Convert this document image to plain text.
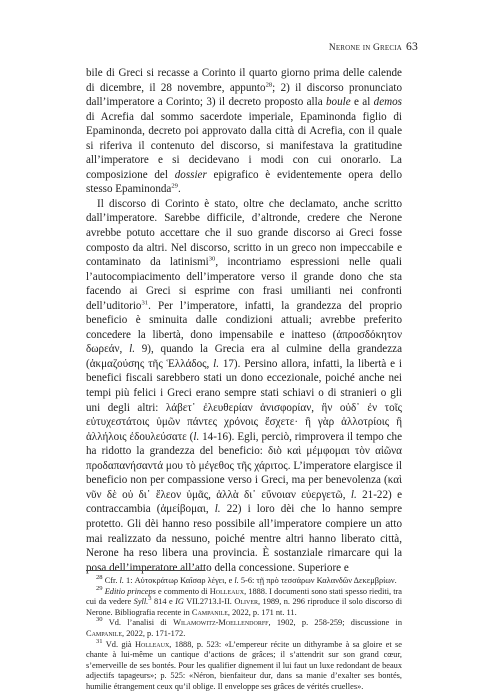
Nerone in Grecia 63

bile di Greci si recasse a Corinto il quarto giorno prima delle calende di dicembre, il 28 novembre, appunto$^{28}$; 2) il discorso pronunciato dall’imperatore a Corinto; 3) il decreto proposto alla boule e al demos di Acrefia dal sommo sacerdote imperiale, Epaminonda figlio di Epaminonda, decreto poi approvato dalla città di Acrefia, con il quale si riferiva il contenuto del discorso, si manifestava la gratitudine all’imperatore e si decidevano i modi con cui onorarlo. La composizione del dossier epigrafico è evidentemente opera dello stesso Epaminonda$^{29}$.

Il discorso di Corinto è stato, oltre che declamato, anche scritto dall’imperatore. Sarebbe difficile, d’altronde, credere che Nerone avrebbe potuto accettare che il suo grande discorso ai Greci fosse composto da altri. Nel discorso, scritto in un greco non impeccabile e contaminato da latinismi$^{30}$, incontriamo espressioni nelle quali l’autocompiacimento dell’imperatore verso il grande dono che sta facendo ai Greci si esprime con frasi umilianti nei confronti dell’uditorio$^{31}$. Per l’imperatore, infatti, la grandezza del proprio beneficio è sminuita dalle condizioni attuali; avrebbe preferito concedere la libertà, dono impensabile e inatteso (ἀπροσδόκητον δωρεάν, l. 9), quando la Grecia era al culmine della grandezza (ἀκμαζούσης τῆς Ἑλλάδος, l. 17). Persino allora, infatti, la libertà e i benefici fiscali sarebbero stati un dono eccezionale, poiché anche nei tempi più felici i Greci erano sempre stati schiavi o di stranieri o gli uni degli altri: λάβετ᾽ ἐλευθερίαν ἀνισφορίαν, ἣν οὐδ᾽ ἐν τοῖς εὐτυχεστάτοις ὑμῶν πάντες χρόνοις ἔσχετε· ἢ γὰρ ἀλλοτρίοις ἢ ἀλλήλοις ἐδουλεύσατε (l. 14-16). Egli, perciò, rimprovera il tempo che ha ridotto la grandezza del beneficio: διὸ καὶ μέμφομαι τὸν αἰῶνα προδαπανήσαντά μου τὸ μέγεθος τῆς χάριτος. L’imperatore elargisce il beneficio non per compassione verso i Greci, ma per benevolenza (καὶ νῦν δὲ οὐ δι᾽ ἔλεον ὑμᾶς, ἀλλὰ δι᾽ εὔνοιαν εὐεργετῶ, l. 21-22) e contraccambia (ἀμείβομαι, l. 22) i loro dèi che lo hanno sempre protetto. Gli dèi hanno reso possibile all’imperatore compiere un atto mai realizzato da nessuno, poiché mentre altri hanno liberato città, Nerone ha reso libera una provincia. È sostanziale rimarcare qui la posa dell’imperatore all’atto della concessione. Superiore e

$^{28}$ Cfr. l. 1: Αὐτοκράτωρ Καῖσαρ λέγει, e l. 5-6: τῇ πρὸ τεσσάρων Καλανδῶν Δεκεμβρίων.

$^{29}$ Editio princeps e commento di Holleaux, 1888. I documenti sono stati spesso riediti, tra cui da vedere Syll.$^3$ 814 e IG VII.2713.I-II. Oliver, 1989, n. 296 riproduce il solo discorso di Nerone. Bibliografia recente in Campanile, 2022, p. 171 nt. 11.

$^{30}$ Vd. l’analisi di Wilamowitz-Moellendorff, 1902, p. 258-259; discussione in Campanile, 2022, p. 171-172.

$^{31}$ Vd. già Holleaux, 1888, p. 523: «L’empereur récite un dithyrambe à sa gloire et se chante à lui-même un cantique d’actions de grâces; il s’attendrit sur son grand cœur, s’emerveille de ses bontés. Pour les qualifier dignement il lui faut un luxe redondant de beaux adjectifs tapageurs»; p. 525: «Néron, bienfaiteur dur, dans sa manie d’exalter ses bontés, humilie étrangement ceux qu’il oblige. Il enveloppe ses grâces de vérités cruelles».
